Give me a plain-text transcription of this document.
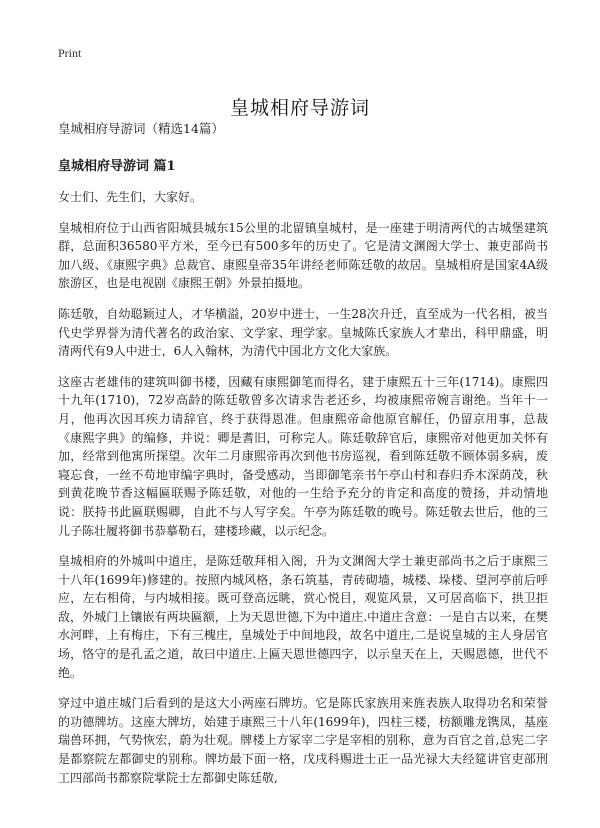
Print
皇城相府导游词

皇城相府导游词（精选14篇）

皇城相府导游词 篇1

女士们、先生们，大家好。

皇城相府位于山西省阳城县城东15公里的北留镇皇城村，是一座建于明清两代的古城堡建筑群，总面积36580平方米，至今已有500多年的历史了。它是清文渊阁大学士、兼吏部尚书加八级、《康熙字典》总裁官、康熙皇帝35年讲经老师陈廷敬的故居。皇城相府是国家4A级旅游区，也是电视剧《康熙王朝》外景拍摄地。

陈廷敬，自幼聪颖过人，才华横溢，20岁中进士，一生28次升迁，直至成为一代名相，被当代史学界誉为清代著名的政治家、文学家、理学家。皇城陈氏家族人才辈出，科甲鼎盛，明清两代有9人中进士，6人入翰林，为清代中国北方文化大家族。

这座古老雄伟的建筑叫御书楼，因藏有康熙御笔而得名，建于康熙五十三年(1714)。康熙四十九年(1710)，72岁高龄的陈廷敬曾多次请求告老还乡，均被康熙帝婉言谢绝。当年十一月，他再次因耳疾力请辞官，终于获得恩准。但康熙帝命他原官解任，仍留京用事，总裁《康熙字典》的编修，并说：卿是耆旧，可称完人。陈廷敬辞官后，康熙帝对他更加关怀有加，经常到他寓所探望。次年二月康熙帝再次到他书房巡视，看到陈廷敬不顾体弱多病，废寝忘食，一丝不苟地审编字典时，备受感动，当即御笔亲书午亭山村和春归乔木深荫茂，秋到黄花晚节香这幅匾联赐予陈廷敬，对他的一生给予充分的肯定和高度的赞扬，并动情地说：朕持书此匾联赐卿，自此不与人写字矣。午亭为陈廷敬的晚号。陈廷敬去世后，他的三儿子陈壮履将御书恭摹勒石，建楼珍藏，以示纪念。

皇城相府的外城叫中道庄，是陈廷敬拜相入阁，升为文渊阁大学士兼吏部尚书之后于康熙三十八年(1699年)修建的。按照内城风格，条石筑基，青砖砌墙，城楼、垛楼、望河亭前后呼应，左右相倚，与内城相接。既可登高远眺，赏心悦目，观览风景，又可居高临下，拱卫拒敌，外城门上镶嵌有两块匾额，上为天恩世德,下为中道庄.中道庄含意：一是自古以来，在樊水河畔，上有梅庄，下有三槐庄，皇城处于中间地段，故名中道庄,二是说皇城的主人身居官场，恪守的是孔孟之道，故曰中道庄.上匾天恩世德四字，以示皇天在上，天赐恩德，世代不绝。

穿过中道庄城门后看到的是这大小两座石牌坊。它是陈氏家族用来旌表族人取得功名和荣誉的功德牌坊。这座大牌坊，始建于康熙三十八年(1699年)，四柱三楼，枋额雕龙镌凤，基座瑞兽环拥，气势恢宏，蔚为壮观。牌楼上方冢宰二字是宰相的别称，意为百官之首,总宪二字是都察院左都御史的别称。牌坊最下面一格，戊戌科赐进士正一品光禄大夫经筵讲官吏部刑工四部尚书都察院掌院士左都御史陈廷敬,
